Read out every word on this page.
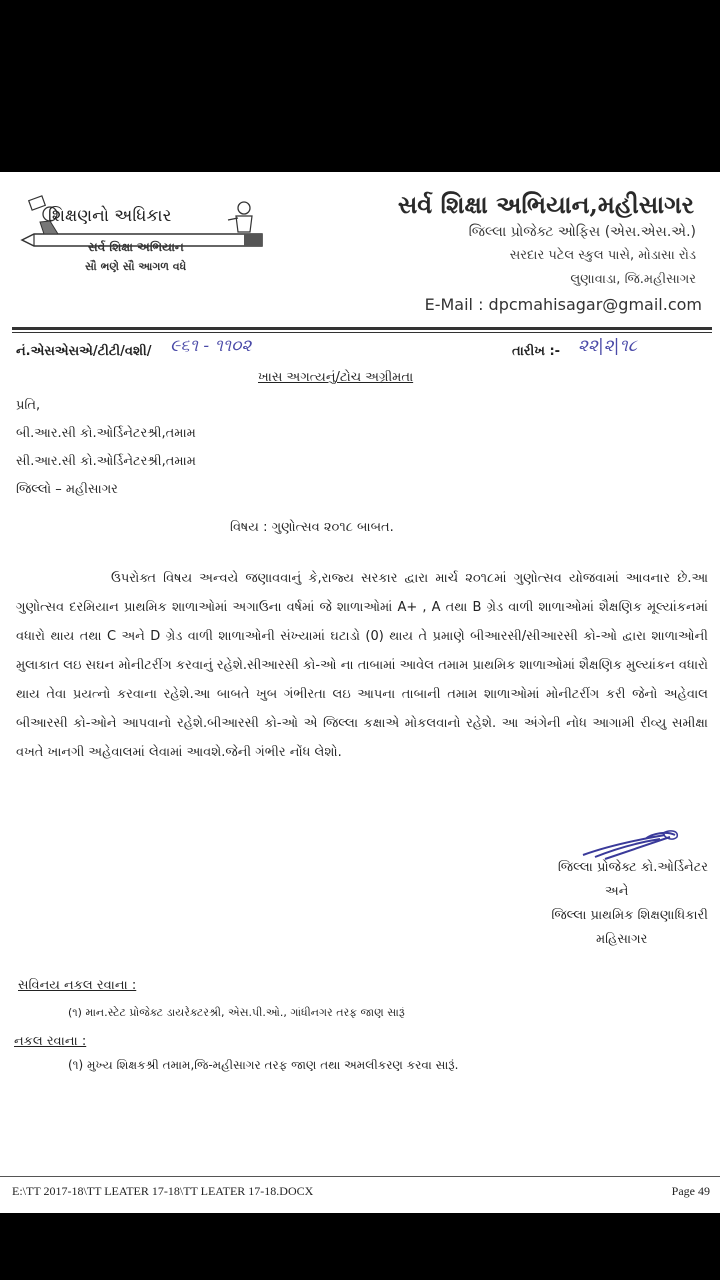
શિક્ષણનો અધિકાર
સર્વ શિક્ષા અભિયાન
સૌ ભણે સૌ આગળ વધે
સર્વ શિક્ષા અભિયાન,મહીસાગર
જિલ્લા પ્રોજેક્ટ ઓફિસ (એસ.એસ.એ.)
સરદાર પટેલ સ્કુલ પાસે, મોડાસા રોડ
લુણાવાડા, જિ.મહીસાગર
E-Mail : dpcmahisagar@gmail.com
નં.એસએસએ/ટીટી/વશી/ ૯૬૧ - ૧૧૦૨	તારીખ :- ૨૨|૨|૧૮
ખાસ અગત્યનું/ટોચ અગ્રીમતા
પ્રતિ,
બી.આર.સી કો.ઓર્ડિનેટરશ્રી,તમામ
સી.આર.સી કો.ઓર્ડિનેટરશ્રી,તમામ
જિલ્લો – મહીસાગર
વિષય : ગુણોત્સવ ૨૦૧૮ બાબત.

ઉપરોક્ત વિષય અન્વયે જણાવવાનું કે,રાજ્ય સરકાર દ્વારા માર્ચ ૨૦૧૮માં ગુણોત્સવ યોજવામાં આવનાર છે.આ ગુણોત્સવ દરમિયાન પ્રાથમિક શાળાઓમાં અગાઉના વર્ષમાં જે શાળાઓમાં A+ , A તથા B ગ્રેડ વાળી શાળાઓમાં શૈક્ષણિક મૂલ્યાંકનમાં વધારો થાય તથા C અને D ગ્રેડ વાળી શાળાઓની સંખ્યામાં ઘટાડો (0) થાય તે પ્રમાણે બીઆરસી/સીઆરસી કો-ઓ દ્વારા શાળાઓની મુલાકાત લઇ સઘન મોનીટરીંગ કરવાનું રહેશે.સીઆરસી કો-ઓ ના તાબામાં આવેલ તમામ પ્રાથમિક શાળાઓમાં શૈક્ષણિક મુલ્યાંકન વધારો થાય તેવા પ્રયત્નો કરવાના રહેશે.આ બાબતે ખુબ ગંભીરતા લઇ આપના તાબાની તમામ શાળાઓમાં મોનીટરીંગ કરી જેનો અહેવાલ બીઆરસી કો-ઓને આપવાનો રહેશે.બીઆરસી કો-ઓ એ જિલ્લા કક્ષાએ મોકલવાનો રહેશે. આ અંગેની નોધ આગામી રીવ્યુ સમીક્ષા વખતે ખાનગી અહેવાલમાં લેવામાં આવશે.જેની ગંભીર નોંધ લેશો.

જિલ્લા પ્રોજેક્ટ કો.ઓર્ડિનેટર
અને
જિલ્લા પ્રાથમિક શિક્ષણાધિકારી
મહિસાગર
સવિનય નકલ રવાના :
(૧) માન.સ્ટેટ પ્રોજેક્ટ ડાયરેક્ટરશ્રી, એસ.પી.ઓ., ગાંધીનગર તરફ જાણ સારૂં
નકલ રવાના :
(૧) મુખ્ય શિક્ષકશ્રી તમામ,જિ-મહીસાગર તરફ જાણ તથા અમલીકરણ કરવા સારૂં.
E:\TT 2017-18\TT LEATER 17-18\TT LEATER 17-18.DOCX	Page 49
